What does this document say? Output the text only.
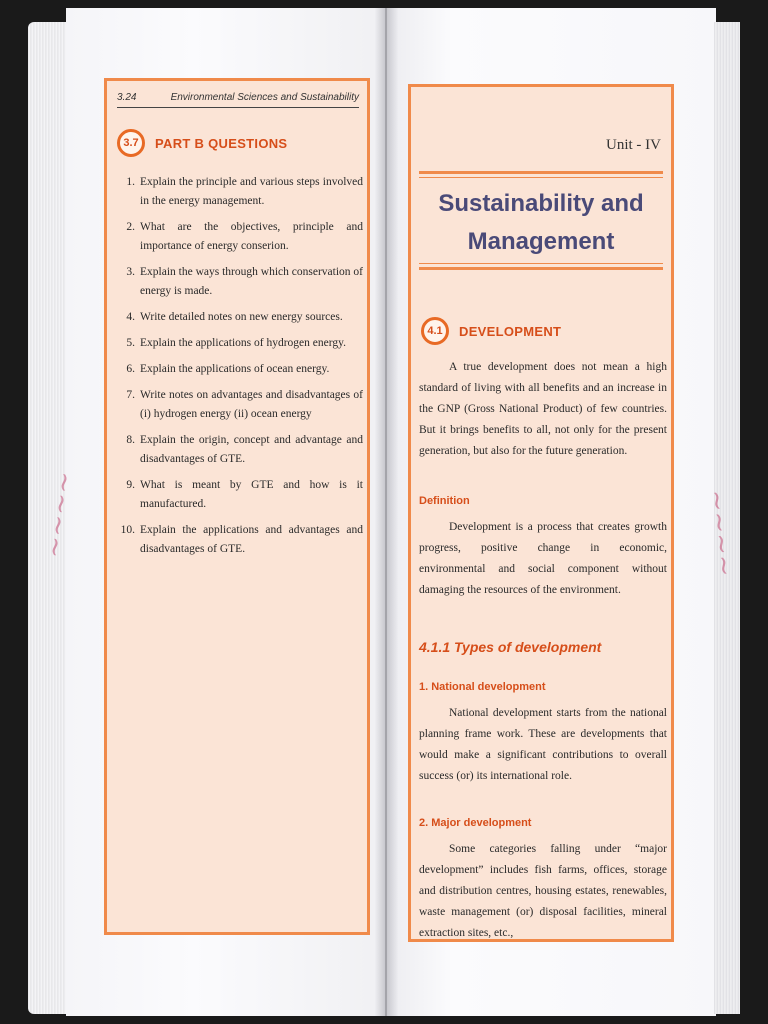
~~~~	~~~~
3.24	Environmental Sciences and Sustainability
3.7	PART B QUESTIONS
1. Explain the principle and various steps involved in the energy management.
2. What are the objectives, principle and importance of energy conserion.
3. Explain the ways through which conservation of energy is made.
4. Write detailed notes on new energy sources.
5. Explain the applications of hydrogen energy.
6. Explain the applications of ocean energy.
7. Write notes on advantages and disadvantages of (i) hydrogen energy (ii) ocean energy
8. Explain the origin, concept and advantage and disadvantages of GTE.
9. What is meant by GTE and how is it manufactured.
10. Explain the applications and advantages and disadvantages of GTE.
Unit - IV
Sustainability and
Management
4.1	DEVELOPMENT

A true development does not mean a high standard of living with all benefits and an increase in the GNP (Gross National Product) of few countries. But it brings benefits to all, not only for the present generation, but also for the future generation.

Definition

Development is a process that creates growth progress, positive change in economic, environmental and social component without damaging the resources of the environment.

4.1.1 Types of development
1. National development

National development starts from the national planning frame work. These are developments that would make a significant contributions to overall success (or) its international role.

2. Major development

Some categories falling under “major development” includes fish farms, offices, storage and distribution centres, housing estates, renewables, waste management (or) disposal facilities, mineral extraction sites, etc.,
